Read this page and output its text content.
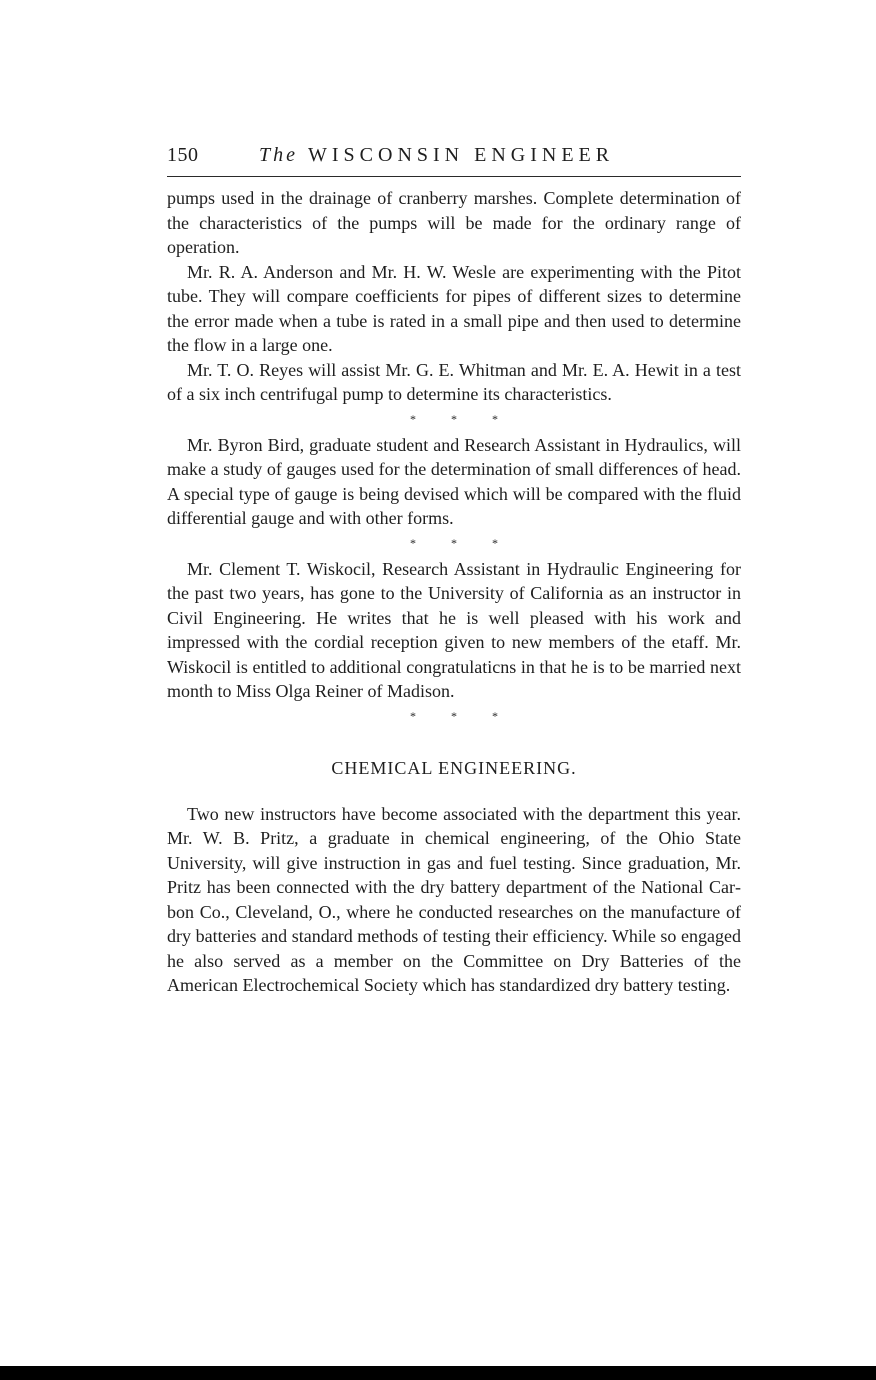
150	The WISCONSIN ENGINEER

pumps used in the drainage of cranberry marshes. Complete determination of the characteristics of the pumps will be made for the ordinary range of operation.

Mr. R. A. Anderson and Mr. H. W. Wesle are experimenting with the Pitot tube. They will compare coefficients for pipes of different sizes to determine the error made when a tube is rated in a small pipe and then used to determine the flow in a large one.

Mr. T. O. Reyes will assist Mr. G. E. Whitman and Mr. E. A. Hewit in a test of a six inch centrifugal pump to determine its characteristics.

* * *

Mr. Byron Bird, graduate student and Research Assistant in Hydraulics, will make a study of gauges used for the determination of small differences of head. A special type of gauge is being devised which will be compared with the fluid differential gauge and with other forms.

* * *

Mr. Clement T. Wiskocil, Research Assistant in Hydraulic Engineering for the past two years, has gone to the University of California as an instructor in Civil Engineering. He writes that he is well pleased with his work and impressed with the cordial reception given to new members of the etaff. Mr. Wiskocil is entitled to additional congratulaticns in that he is to be married next month to Miss Olga Reiner of Madison.

* * *
CHEMICAL ENGINEERING.

Two new instructors have become associated with the department this year. Mr. W. B. Pritz, a graduate in chemical engineering, of the Ohio State University, will give instruction in gas and fuel testing. Since graduation, Mr. Pritz has been connected with the dry battery department of the National Carbon Co., Cleveland, O., where he conducted researches on the manufacture of dry batteries and standard methods of testing their efficiency. While so engaged he also served as a member on the Committee on Dry Batteries of the American Electrochemical Society which has standardized dry battery testing.
